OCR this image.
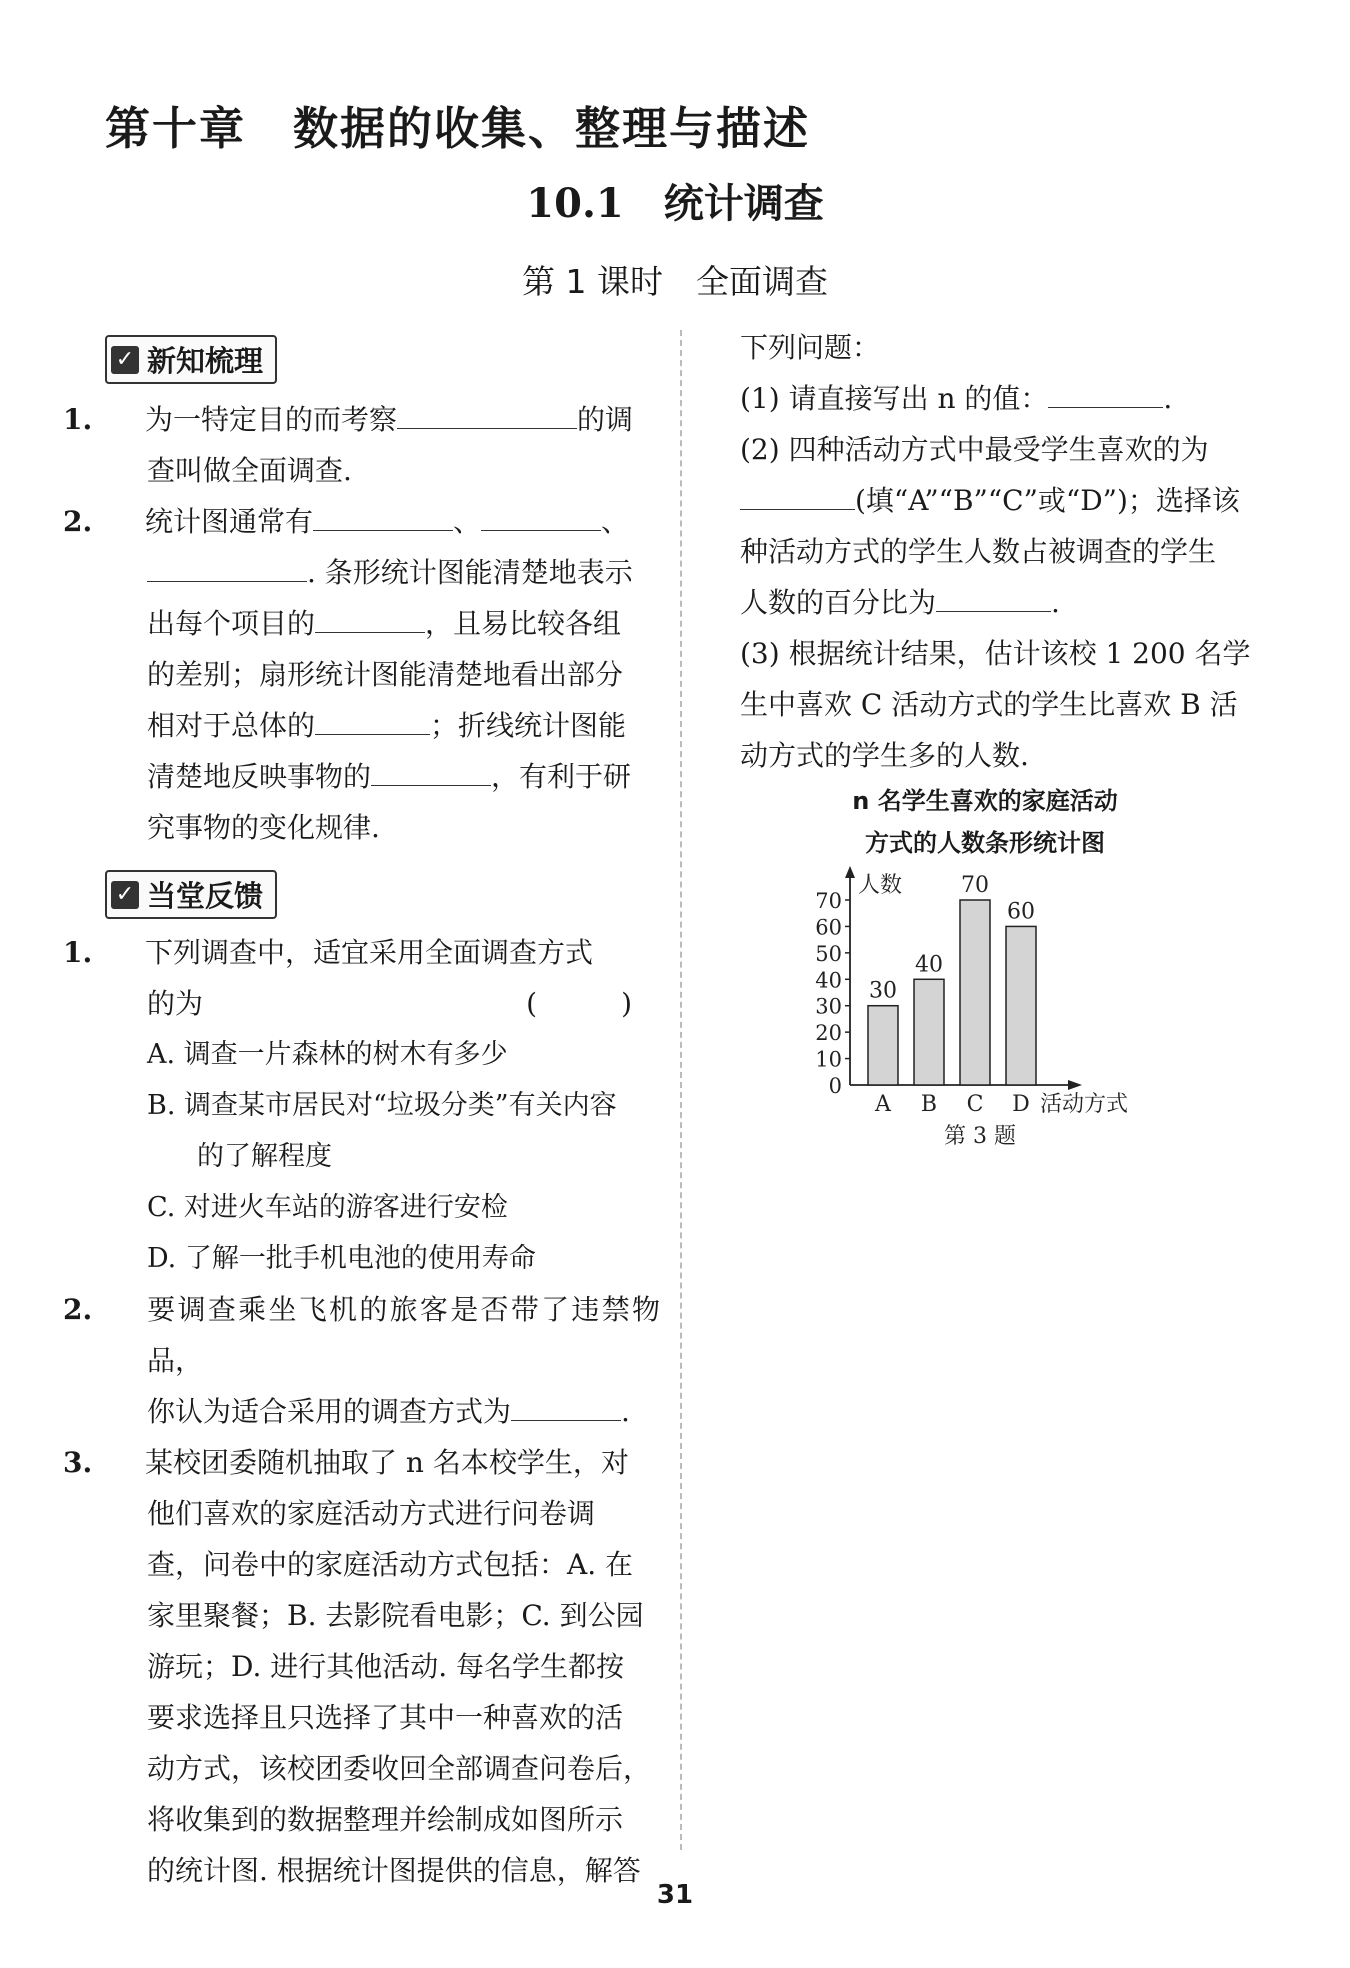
第十章　数据的收集、整理与描述
10.1　统计调查
第 1 课时　全面调查
✓ 新知梳理
1. 为一特定目的而考察	的调
查叫做全面调查.
2. 统计图通常有	、	、
. 条形统计图能清楚地表示
出每个项目的	，且易比较各组
的差别；扇形统计图能清楚地看出部分
相对于总体的	；折线统计图能
清楚地反映事物的	，有利于研
究事物的变化规律.
✓ 当堂反馈
1. 下列调查中，适宜采用全面调查方式
的为	(　)
A. 调查一片森林的树木有多少
B. 调查某市居民对“垃圾分类”有关内容
的了解程度
C. 对进火车站的游客进行安检
D. 了解一批手机电池的使用寿命
2. 要调查乘坐飞机的旅客是否带了违禁物品，
你认为适合采用的调查方式为	.
3. 某校团委随机抽取了 n 名本校学生，对
他们喜欢的家庭活动方式进行问卷调
查，问卷中的家庭活动方式包括：A. 在
家里聚餐；B. 去影院看电影；C. 到公园
游玩；D. 进行其他活动. 每名学生都按
要求选择且只选择了其中一种喜欢的活
动方式，该校团委收回全部调查问卷后，
将收集到的数据整理并绘制成如图所示
的统计图. 根据统计图提供的信息，解答
下列问题：
(1) 请直接写出 n 的值：	.
(2) 四种活动方式中最受学生喜欢的为
(填“A”“B”“C”或“D”)；选择该
种活动方式的学生人数占被调查的学生
人数的百分比为	.
(3) 根据统计结果，估计该校 1 200 名学
生中喜欢 C 活动方式的学生比喜欢 B 活
动方式的学生多的人数.
n 名学生喜欢的家庭活动
方式的人数条形统计图
0
10
20
30
40
50
60
70
人数
30
A
40
B
70
C
60
D 活动方式
第 3 题
31
